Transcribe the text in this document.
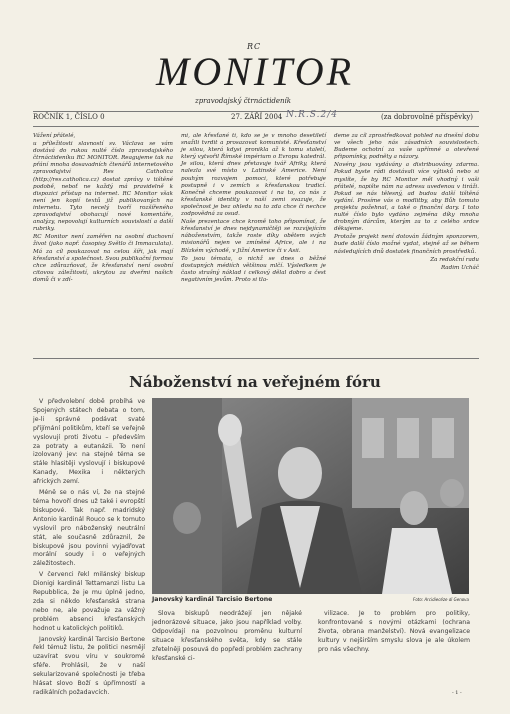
RC
MONITOR
zpravodajský čtrnáctideník
ROČNÍK 1, ČÍSLO 0	27. ZÁŘÍ 2004	(za dobrovolné příspěvky)
N.R.S.2/4

Vážení přátelé,

u příležitosti slavností sv. Václava se vám dostává do rukou nulté číslo zpravodajského čtrnáctideníku RC MONITOR. Reagujeme tak na přání mnoha dosavadních čtenářů internetového zpravodajství Res Catholica (http://res.catholica.cz) dostat zprávy v tištěné podobě, neboť ne každý má pravidelně k dispozici přístup na internet. RC Monitor však není jen kopií textů již publikovaných na internetu. Tyto necelý tvoří rozšířeného zpravodajství obohacují nové komentáře, analýzy, nepovolují kulturních souvislostí a další rubriky.

RC Monitor není zaměřen na osobní duchovní život (jako např. časopisy Světlo či Immaculata). Má za cíl poukazovat na celou šíři, jak mají křesťanství a společnost. Svou publikační formou chce zdůrazňovat, že křesťanství není osobní citovou záležitostí, ukrytou za dveřmi našich domů či v zdí-

mi, ale křesťané ti, kdo se je v mnoho desetiletí snažili tvrdit a prosazovat komunisté. Křesťanství je silou, která kdysi pronikla až k tomu staletí, který vytvořil Římské impérium o Evropu katedrál. Je silou, která dnes přetavuje tvář Afriky, která nalezla své místo v Latinské Americe. Není pouhým rozvojem pomoci, které potřebuje postupně i v zemích s křesťanskou tradicí. Konečně chceme poukazovat i na to, co nás z křesťanské identity v naší zemi svazuje, že společnost je bez ohledu na to zda chce či nechce zodpovědná za osud.

Naše prezentace chce kromě toho připomínat, že křesťanství je dnes nejdynamičtěji se rozvíjejícím náboženstvím, takže roste díky obětem svých misionářů nejen ve zmíněné Africe, ale i na Blízkém východě, v Jižní Americe či v Asii.

To jsou témata, o nichž se dnes o běžné dostupných médiích většinou mlčí. Výsledkem je často strašný náklad i celkový dělal dobro a čest negativním jevům. Proto si tla-

deme za cíl zprostředkovat pohled na dnešní dobu ve všech jeho nás zásadních souvislostech. Budeme ochotní za vaše upřímné a otevřené připomínky, podněty a názory.

Novény jsou vydávány a distribuovány zdarma. Pokud byste rádi dostávali více výtisků nebo si myslíte, že by RC Monitor měl vhodný i vaši přátelé, napište nám na adresu uvedenou v tiráži. Pokud se nás tělesný, ad budou další tištěná vydání. Prosíme vás o modlitby, aby Bůh tomuto projektu požehnal, a také o finanční dary. I toto nulté číslo bylo vydáno zejména díky mnoha drobným dárcům, kterým za to z celého srdce děkujeme.

Protože projekt není dotován žádným sponzorem, bude další číslo možné vydat, stejně až se během následujících dnů dostatek finančních prostředků.

Za redakční radu

Radim Ucháč

Náboženství na veřejném fóru

V předvolební době probíhá ve Spojených státech debata o tom, je-li správné podávat svaté přijímání politikům, kteří se veřejně vyslovují proti životu – především za potraty a eutanázii. To není izolovaný jev: na stejné téma se stále hlasitěji vyslovují i biskupové Kanady, Mexika i některých afrických zemí.

Méně se o nás ví, že na stejné téma hovoří dnes už také i evropští biskupové. Tak např. madridský Antonio kardinál Rouco se k tomuto vyslovil pro náboženský neutrální stát, ale současně zdůraznil, že biskupové jsou povinni vyjadřovat morální soudy i o veřejných záležitostech.

V červenci řekl milánský biskup Dionigi kardinál Tettamanzi listu La Repubblica, že je mu úplně jedno, zda si někdo křesťanská strana nebo ne, ale považuje za vážný problém absenci křesťanských hodnot u katolických politiků.

Janovský kardinál Tarcisio Bertone řekl témuž listu, že politici nesmějí uzavírat svou víru v soukromé sféře. Prohlásil, že v naší sekularizované společnosti je třeba hlásat slovo Boží s úpřímností a radikálních požadavcích.

Janovský kardinál Tarcisio Bertone	Foto: Arcidiecéze di Genova

Slova biskupů neodrážejí jen nějaké jednorázové situace, jako jsou například volby. Odpovídají na pozvolnou proměnu kulturní situace křesťanského světa, kdy se stále zřetelněji posouvá do popředí problém zachrany křesťanské ci-

vilizace. Je to problém pro politiky, konfrontované s novými otázkami (ochrana života, obrana manželství). Nová evangelizace kultury v nejširším smyslu slova je ale úkolem pro nás všechny.

- 1 -
